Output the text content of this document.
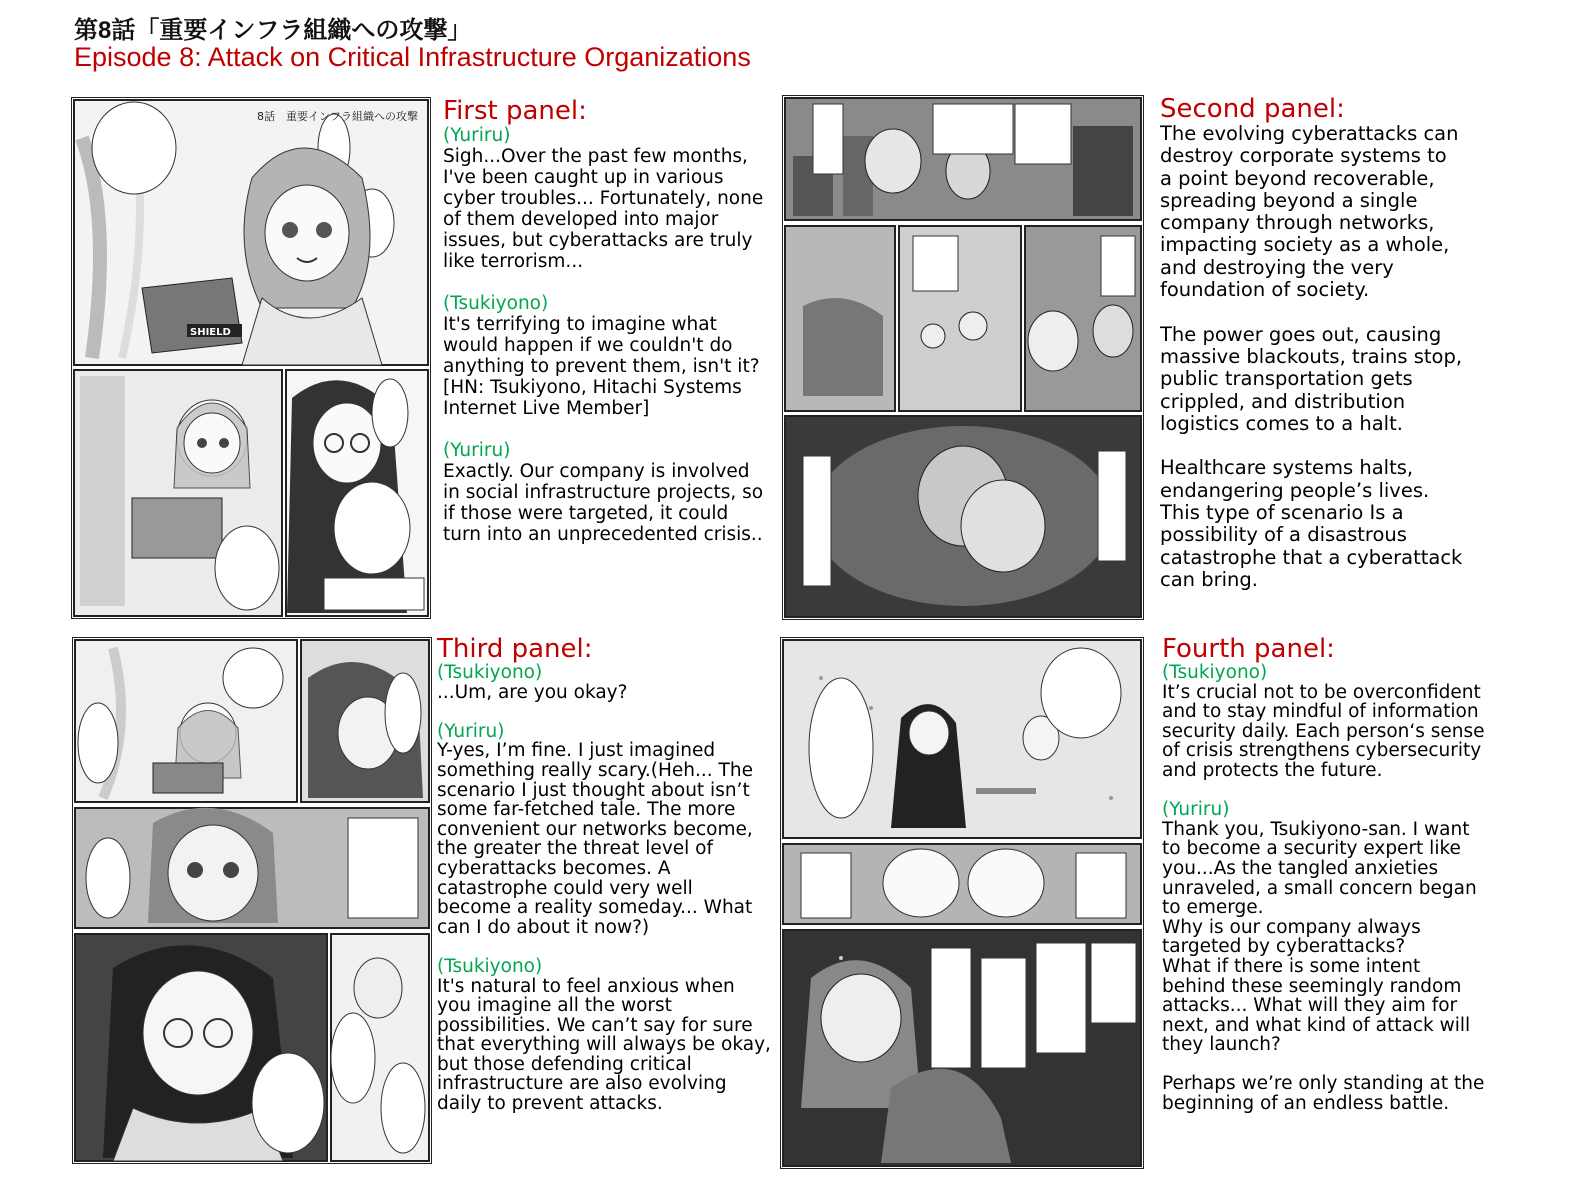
第8話「重要インフラ組織への攻撃」
Episode 8: Attack on Critical Infrastructure Organizations
SHIELD
8話　重要インフラ組織への攻撃 First panel:
(Yuriru)
Sigh...Over the past few months,
I've been caught up in various
cyber troubles... Fortunately, none
of them developed into major
issues, but cyberattacks are truly
like terrorism...
(Tsukiyono)
It's terrifying to imagine what
would happen if we couldn't do
anything to prevent them, isn't it?
[HN: Tsukiyono, Hitachi Systems
Internet Live Member]
(Yuriru)
Exactly. Our company is involved
in social infrastructure projects, so
if those were targeted, it could
turn into an unprecedented crisis..
Second panel:
The evolving cyberattacks can
destroy corporate systems to
a point beyond recoverable,
spreading beyond a single
company through networks,
impacting society as a whole,
and destroying the very
foundation of society.
The power goes out, causing
massive blackouts, trains stop,
public transportation gets
crippled, and distribution
logistics comes to a halt.
Healthcare systems halts,
endangering people’s lives.
This type of scenario Is a
possibility of a disastrous
catastrophe that a cyberattack
can bring.
Third panel:
(Tsukiyono)
...Um, are you okay?
(Yuriru)
Y-yes, I’m fine. I just imagined
something really scary.(Heh... The
scenario I just thought about isn’t
some far-fetched tale. The more
convenient our networks become,
the greater the threat level of
cyberattacks becomes. A
catastrophe could very well
become a reality someday... What
can I do about it now?)
(Tsukiyono)
It's natural to feel anxious when
you imagine all the worst
possibilities. We can’t say for sure
that everything will always be okay,
but those defending critical
infrastructure are also evolving
daily to prevent attacks.
Fourth panel:
(Tsukiyono)
It’s crucial not to be overconfident
and to stay mindful of information
security daily. Each person‘s sense
of crisis strengthens cybersecurity
and protects the future.
(Yuriru)
Thank you, Tsukiyono-san. I want
to become a security expert like
you...As the tangled anxieties
unraveled, a small concern began
to emerge.
Why is our company always
targeted by cyberattacks?
What if there is some intent
behind these seemingly random
attacks... What will they aim for
next, and what kind of attack will
they launch?
Perhaps we’re only standing at the
beginning of an endless battle.
